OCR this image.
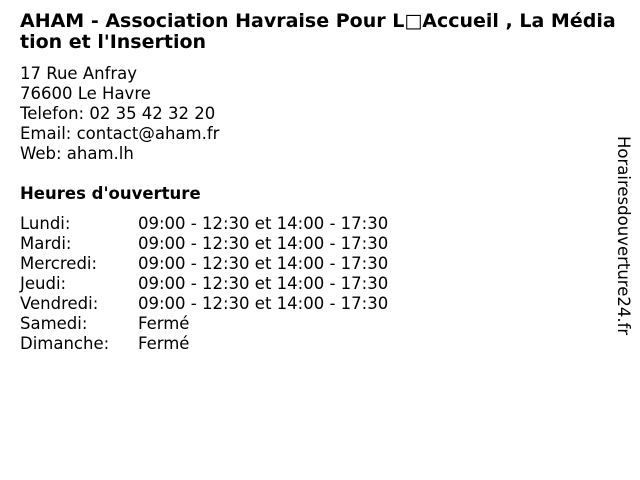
AHAM - Association Havraise Pour L□Accueil , La Médiation et l'Insertion
17 Rue Anfray
76600 Le Havre
Telefon: 02 35 42 32 20
Email: contact@aham.fr
Web: aham.lh
Heures d'ouverture
Lundi:	09:00 - 12:30 et 14:00 - 17:30
Mardi:	09:00 - 12:30 et 14:00 - 17:30
Mercredi:	09:00 - 12:30 et 14:00 - 17:30
Jeudi:	09:00 - 12:30 et 14:00 - 17:30
Vendredi:	09:00 - 12:30 et 14:00 - 17:30
Samedi:	Fermé
Dimanche:	Fermé
Horairesdouverture24.fr
